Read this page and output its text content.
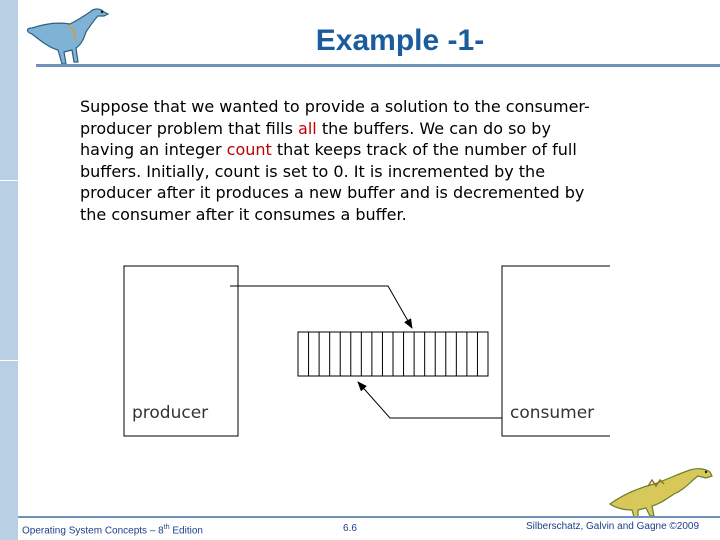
Example -1-
Suppose that we wanted to provide a solution to the consumer-
producer problem that fills all the buffers. We can do so by
having an integer count that keeps track of the number of full
buffers. Initially, count is set to 0. It is incremented by the
producer after it produces a new buffer and is decremented by
the consumer after it consumes a buffer.
producer	consumer
Operating System Concepts – 8th Edition	6.6	Silberschatz, Galvin and Gagne ©2009
